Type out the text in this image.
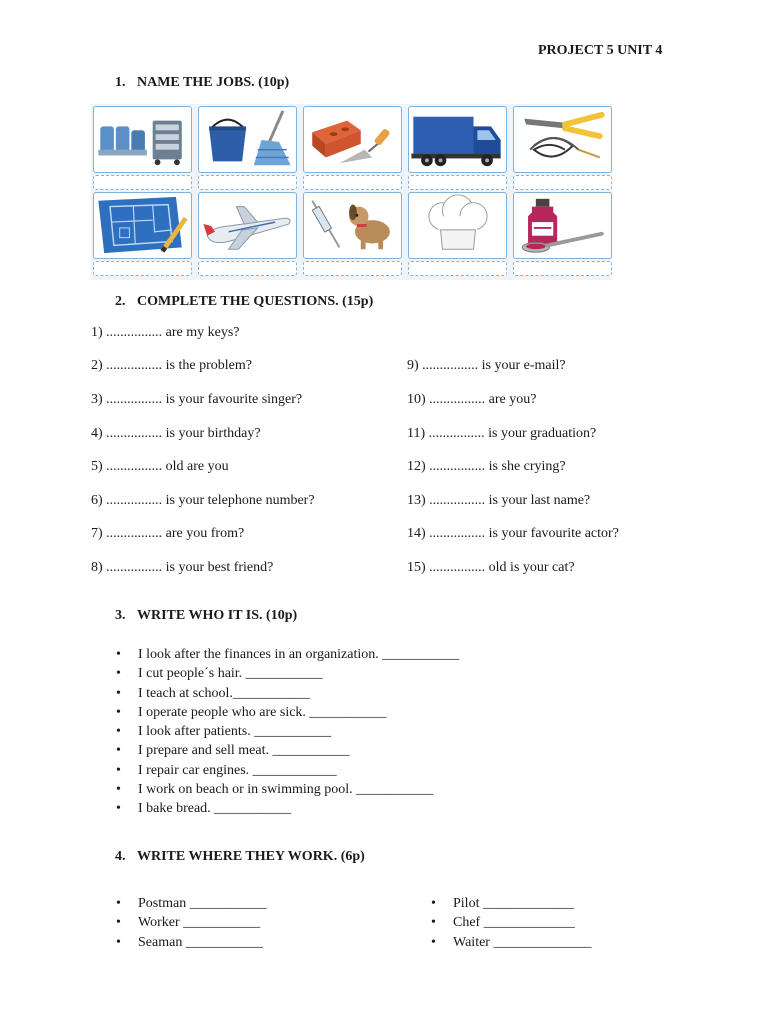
PROJECT 5 UNIT 4
1. NAME THE JOBS. (10p)
2. COMPLETE THE QUESTIONS. (15p)
1) ................ are my keys?
2) ................ is the problem?
3) ................ is your favourite singer?
4) ................ is your birthday?
5) ................ old are you
6) ................ is your telephone number?
7) ................ are you from?
8) ................ is your best friend?
9) ................ is your e-mail?
10) ................ are you?
11) ................ is your graduation?
12) ................ is she crying?
13) ................ is your last name?
14) ................ is your favourite actor?
15) ................ old is your cat?
3. WRITE WHO IT IS. (10p)
• I look after the finances in an organization. ___________
• I cut people´s hair. ___________
• I teach at school.___________
• I operate people who are sick. ___________
• I look after patients. ___________
• I prepare and sell meat. ___________
• I repair car engines. ____________
• I work on beach or in swimming pool. ___________
• I bake bread. ___________
4. WRITE WHERE THEY WORK. (6p)
• Postman ___________
• Worker ___________
• Seaman ___________
• Pilot _____________
• Chef _____________
• Waiter ______________
